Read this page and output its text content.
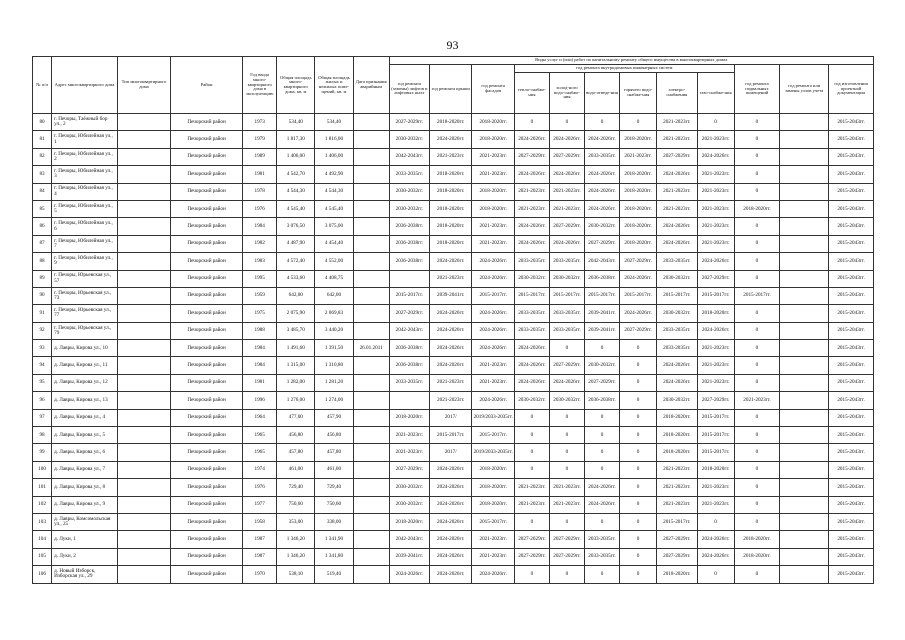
93
№ п/п	Адрес многоквартирного дома	Тип многоквартирного дома	Район	Год ввода много-квартирного дома в эксплуатацию	Общая площадь много-квартирного дома, кв. м	Общая площадь жилых и нежилых поме-щений, кв. м	Дата признания аварийным	Виды услуг и (или) работ по капитальному ремонту общего имущества в многоквартирных домах											
								год ремонта (замены) лифтов и лифтовых шахт	год ремонта крыши	год ремонта фасадов	год ремонта внутридомовых инженерных систем						год ремонта подвальных помещений	год ремонта или замены узлов учета	год изготовления проектной документации
											тепло-снабже-ния	холод-ного водо-снабже-ния	водо-отведе-ния	горячего водо-снабже-ния	электро-снабжения	газо-снабже-ния			
80	г. Печоры, Таёжный бор ул., 2		Печорский район	1973	534,40	534,40		2027-2029гг.	2018-2020гг.	2018-2020гг.	0	0	0	0	2021-2023гг.	0	0		2015-2043гг.
81	г. Печоры, Юбилейная ул., 1		Печорский район	1979	1 817,30	1 816,00		2030-2032гг.	2024-2026гг.	2018-2020гг.	2024-2026гг.	2024-2026гг.	2024-2026гг.	2018-2020гг.	2021-2023гг.	2021-2023гг.	0		2015-2043гг.
82	г. Печоры, Юбилейная ул., 2		Печорский район	1989	1 406,00	1 406,00		2042-2043гг.	2021-2023гг.	2021-2023гг.	2027-2029гг.	2027-2029гг.	2033-2035гг.	2021-2023гг.	2027-2029гг.	2024-2026гг.	0		2015-2043гг.
83	г. Печоры, Юбилейная ул., 3		Печорский район	1981	4 542,70	4 492,90		2033-2035гг.	2018-2020гг.	2021-2023гг.	2024-2026гг.	2024-2026гг.	2024-2026гг.	2018-2020гг.	2024-2026гг.	2021-2023гг.	0		2015-2043гг.
84	г. Печоры, Юбилейная ул., 4		Печорский район	1978	4 544,30	4 544,30		2030-2032гг.	2018-2020гг.	2018-2020гг.	2021-2023гг.	2021-2023гг.	2024-2026гг.	2018-2020гг.	2021-2023гг.	2021-2023гг.	0		2015-2043гг.
85	г. Печоры, Юбилейная ул., 5		Печорский район	1976	4 545,40	4 545,40		2030-2032гг.	2018-2020гг.	2018-2020гг.	2021-2023гг.	2021-2023гг.	2024-2026гг.	2018-2020гг.	2021-2023гг.	2021-2023гг.	2018-2020гг.		2015-2043гг.
86	г. Печоры, Юбилейная ул., 6		Печорский район	1984	3 076,50	3 075,00		2036-2038гг.	2018-2020гг.	2021-2023гг.	2024-2026гг.	2027-2029гг.	2030-2032гг.	2018-2020гг.	2024-2026гг.	2021-2023гг.	0		2015-2043гг.
87	г. Печоры, Юбилейная ул., 7		Печорский район	1982	4 487,90	4 454,40		2036-2038гг.	2018-2020гг.	2021-2023гг.	2024-2026гг.	2024-2026гг.	2027-2029гг.	2018-2020гг.	2024-2026гг.	2021-2023гг.	0		2015-2043гг.
88	г. Печоры, Юбилейная ул., 9		Печорский район	1983	4 572,40	4 552,00		2036-2038гг.	2024-2026гг.	2024-2026гг.	2033-2035гг.	2033-2035гг.	2042-2043гг.	2027-2029гг.	2033-2035гг.	2024-2026гг.	0		2015-2043гг.
89	г. Печоры, Юрьевская ул., 57		Печорский район	1995	4 533,60	4 408,75			2021-2023гг.	2024-2026гг.	2030-2032гг.	2030-2032гг.	2036-2038гг.	2024-2026гг.	2030-2032гг.	2027-2029гг.	0		2015-2043гг.
90	г. Печоры, Юрьевская ул., 73		Печорский район	1959	642,00	642,00		2015-2017гг.	2039-2041гг.	2015-2017гг.	2015-2017гг.	2015-2017гг.	2015-2017гг.	2015-2017гг.	2015-2017гг.	2015-2017гг.	2015-2017гг.		2015-2043гг.
91	г. Печоры, Юрьевская ул., 77		Печорский район	1975	2 075,90	2 069,83		2027-2029гг.	2024-2026гг.	2024-2026гг.	2033-2035гг.	2033-2035гг.	2039-2041гг.	2024-2026гг.	2030-2032гг.	2018-2020гг.	0		2015-2043гг.
92	г. Печоры, Юрьевская ул., 79		Печорский район	1988	3 485,70	3 440,20		2042-2043гг.	2024-2026гг.	2024-2026гг.	2033-2035гг.	2033-2035гг.	2039-2041гг.	2027-2029гг.	2033-2035гг.	2024-2026гг.	0		2015-2043гг.
93	д. Лавры, Кирова ул., 10		Печорский район	1984	1 491,60	1 391,50	26.01.2011	2036-2038гг.	2024-2026гг.	2024-2026гг.	2024-2026гг.	0	0	0	2033-2035гг.	2021-2023гг.	0		2015-2043гг.
94	д. Лавры, Кирова ул., 11		Печорский район	1984	1 315,00	1 310,80		2036-2038гг.	2024-2026гг.	2021-2023гг.	2024-2026гг.	2027-2029гг.	2030-2032гг.	0	2024-2026гг.	2021-2023гг.	0		2015-2043гг.
95	д. Лавры, Кирова ул., 12		Печорский район	1981	1 282,00	1 281,20		2033-2035гг.	2021-2023гг.	2021-2023гг.	2024-2026гг.	2024-2026гг.	2027-2029гг.	0	2024-2026гг.	2021-2023гг.	0		2015-2043гг.
96	д. Лавры, Кирова ул., 13		Печорский район	1996	1 276,00	1 274,00			2021-2023гг.	2024-2026гг.	2030-2032гг.	2030-2032гг.	2036-2038гг.	0	2030-2032гг.	2027-2029гг.	2021-2023гг.		2015-2043гг.
97	д. Лавры, Кирова ул., 4		Печорский район	1964	477,00	457,90		2018-2020гг.	2017/	2019/2033-2035гг.	0	0	0	0	2018-2020гг.	2015-2017гг.	0		2015-2043гг.
98	д. Лавры, Кирова ул., 5		Печорский район	1965	456,80	456,80		2021-2023гг.	2015-2017гг.	2015-2017гг.	0	0	0	0	2018-2020гг.	2015-2017гг.	0		2015-2043гг.
99	д. Лавры, Кирова ул., 6		Печорский район	1965	457,80	457,80		2021-2023гг.	2017/	2019/2033-2035гг.	0	0	0	0	2018-2020гг.	2015-2017гг.	0		2015-2043гг.
100	д. Лавры, Кирова ул., 7		Печорский район	1974	461,00	461,00		2027-2029гг.	2024-2026гг.	2018-2020гг.	0	0	0	0	2021-2023гг.	2018-2020гг.	0		2015-2043гг.
101	д. Лавры, Кирова ул., 8		Печорский район	1976	729,40	729,40		2030-2032гг.	2024-2026гг.	2018-2020гг.	2021-2023гг.	2021-2023гг.	2024-2026гг.	0	2021-2023гг.	2021-2023гг.	0		2015-2043гг.
102	д. Лавры, Кирова ул., 9		Печорский район	1977	750,60	750,60		2030-2032гг.	2024-2026гг.	2018-2020гг.	2021-2023гг.	2021-2023гг.	2024-2026гг.	0	2021-2023гг.	2021-2023гг.	0		2015-2043гг.
103	д. Лавры, Комсомольская ул., 25		Печорский район	1958	353,00	338,00		2018-2020гг.	2024-2026гг.	2015-2017гг.	0	0	0	0	2015-2017гг.	0	0		2015-2043гг.
104	д. Луки, 1		Печорский район	1987	1 346,20	1 341,90		2042-2043гг.	2024-2026гг.	2021-2023гг.	2027-2029гг.	2027-2029гг.	2033-2035гг.	0	2027-2029гг.	2024-2026гг.	2018-2020гг.		2015-2043гг.
105	д. Луки, 2		Печорский район	1987	1 346,20	1 341,80		2039-2041гг.	2024-2026гг.	2021-2023гг.	2027-2029гг.	2027-2029гг.	2033-2035гг.	0	2027-2029гг.	2024-2026гг.	2018-2020гг.		2015-2043гг.
106	д. Новый Изборск, Изборская ул., 29		Печорский район	1970	538,10	519,40		2024-2026гг.	2024-2026гг.	2024-2026гг.	0	0	0	0	2018-2020гг.	0	0		2015-2043гг.
